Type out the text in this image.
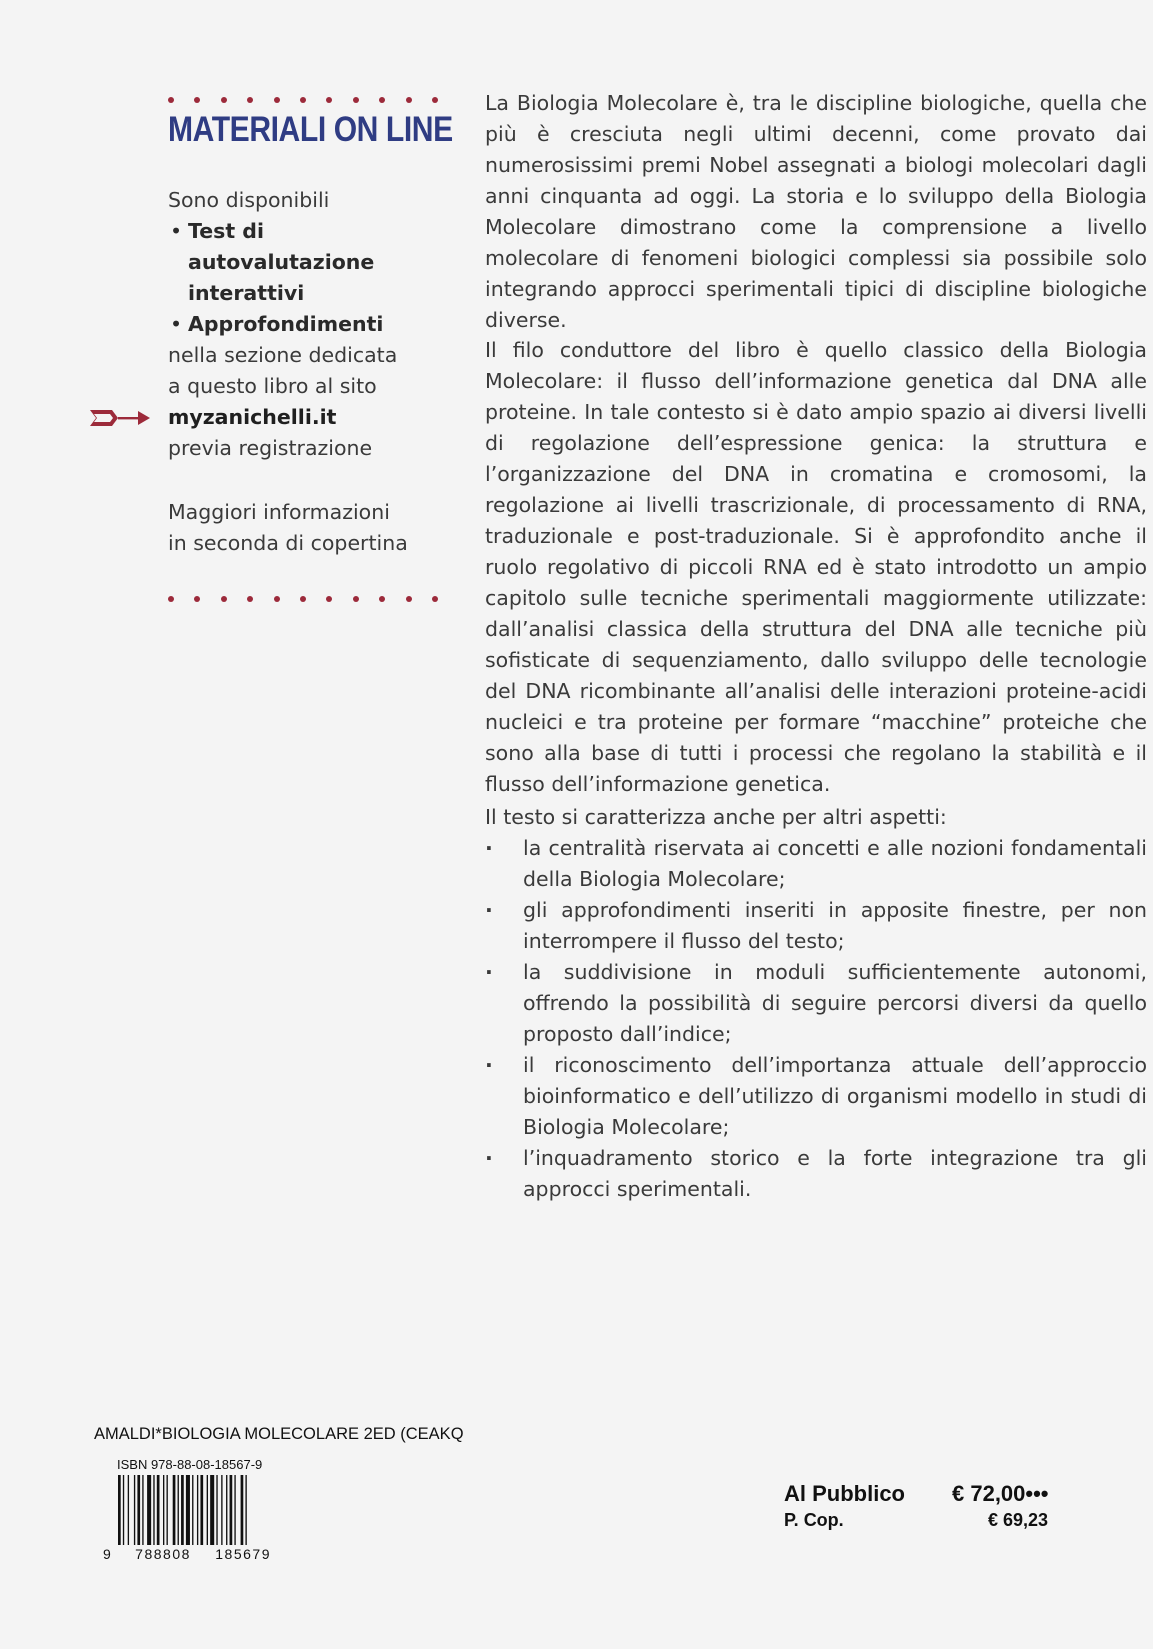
MATERIALI ON LINE
Sono disponibili
• Test di autovalutazione interattivi
• Approfondimenti
nella sezione dedicata
a questo libro al sito
myzanichelli.it
previa registrazione
Maggiori informazioni
in seconda di copertina

La Biologia Molecolare è, tra le discipline biologiche, quella che più è cresciuta negli ultimi decenni, come provato dai numerosissimi premi Nobel assegnati a biologi molecolari dagli anni cinquanta ad oggi. La storia e lo sviluppo della Biologia Molecolare dimostrano come la comprensione a livello molecolare di fenomeni biologici complessi sia possibile solo integrando approcci sperimentali tipici di discipline biologiche diverse.

Il filo conduttore del libro è quello classico della Biologia Molecolare: il flusso dell’informazione genetica dal DNA alle proteine. In tale contesto si è dato ampio spazio ai diversi livelli di regolazione dell’espressione genica: la struttura e l’organizzazione del DNA in cromatina e cromosomi, la regolazione ai livelli trascrizionale, di processamento di RNA, traduzionale e post-traduzionale. Si è approfondito anche il ruolo regolativo di piccoli RNA ed è stato introdotto un ampio capitolo sulle tecniche sperimentali maggiormente utilizzate: dall’analisi classica della struttura del DNA alle tecniche più sofisticate di sequenziamento, dallo sviluppo delle tecnologie del DNA ricombinante all’analisi delle interazioni proteine-acidi nucleici e tra proteine per formare “macchine” proteiche che sono alla base di tutti i processi che regolano la stabilità e il flusso dell’informazione genetica.

Il testo si caratterizza anche per altri aspetti:

· la centralità riservata ai concetti e alle nozioni fondamentali della Biologia Molecolare;
· gli approfondimenti inseriti in apposite finestre, per non interrompere il flusso del testo;
· la suddivisione in moduli sufficientemente autonomi, offrendo la possibilità di seguire percorsi diversi da quello proposto dall’indice;
· il riconoscimento dell’importanza attuale dell’approccio bioinformatico e dell’utilizzo di organismi modello in studi di Biologia Molecolare;
· l’inquadramento storico e la forte integrazione tra gli approcci sperimentali.
AMALDI*BIOLOGIA MOLECOLARE 2ED (CEAKQ
ISBN 978-88-08-18567-9
9 788808 185679
Al Pubblico € 72,00•••
P. Cop.	€ 69,23
